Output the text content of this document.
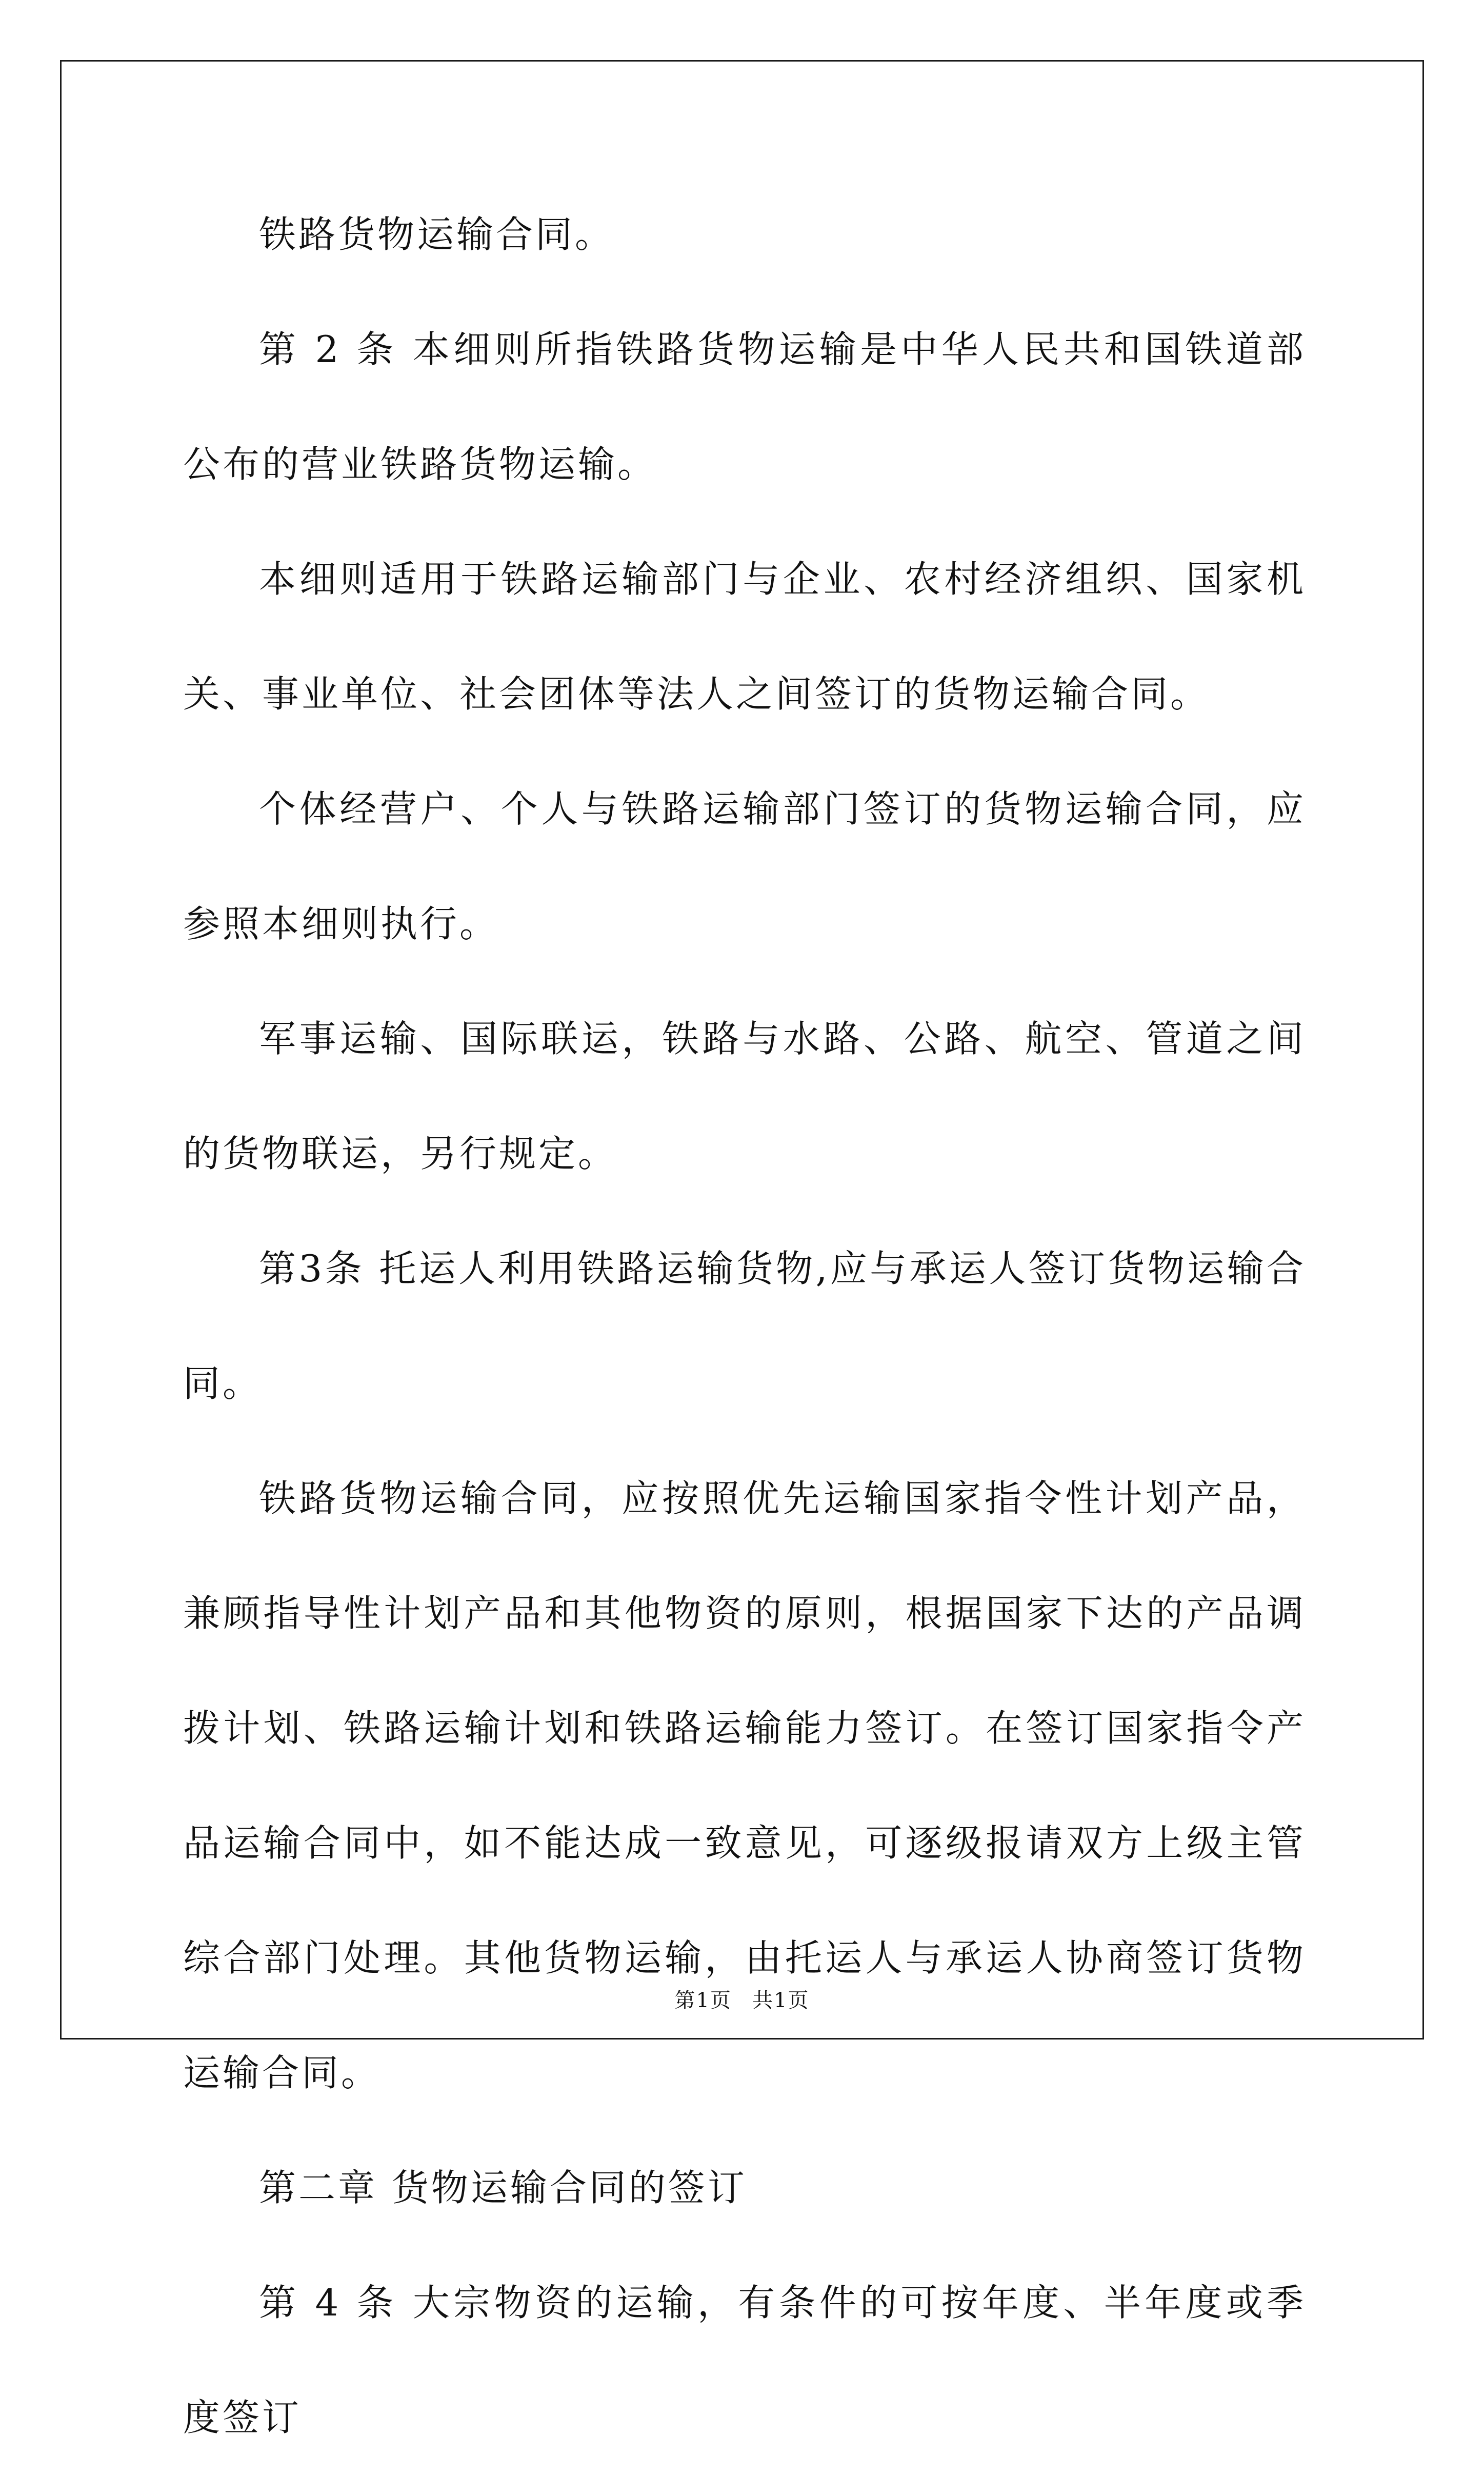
铁路货物运输合同。

第 2 条 本细则所指铁路货物运输是中华人民共和国铁道部公布的营业铁路货物运输。

本细则适用于铁路运输部门与企业、农村经济组织、国家机关、事业单位、社会团体等法人之间签订的货物运输合同。

个体经营户、个人与铁路运输部门签订的货物运输合同，应参照本细则执行。

军事运输、国际联运，铁路与水路、公路、航空、管道之间的货物联运，另行规定。

第3条 托运人利用铁路运输货物,应与承运人签订货物运输合同。

铁路货物运输合同，应按照优先运输国家指令性计划产品，兼顾指导性计划产品和其他物资的原则，根据国家下达的产品调拨计划、铁路运输计划和铁路运输能力签订。在签订国家指令产品运输合同中，如不能达成一致意见，可逐级报请双方上级主管综合部门处理。其他货物运输，由托运人与承运人协商签订货物运输合同。

第二章 货物运输合同的签订

第 4 条 大宗物资的运输，有条件的可按年度、半年度或季度签订

第1页 共1页
